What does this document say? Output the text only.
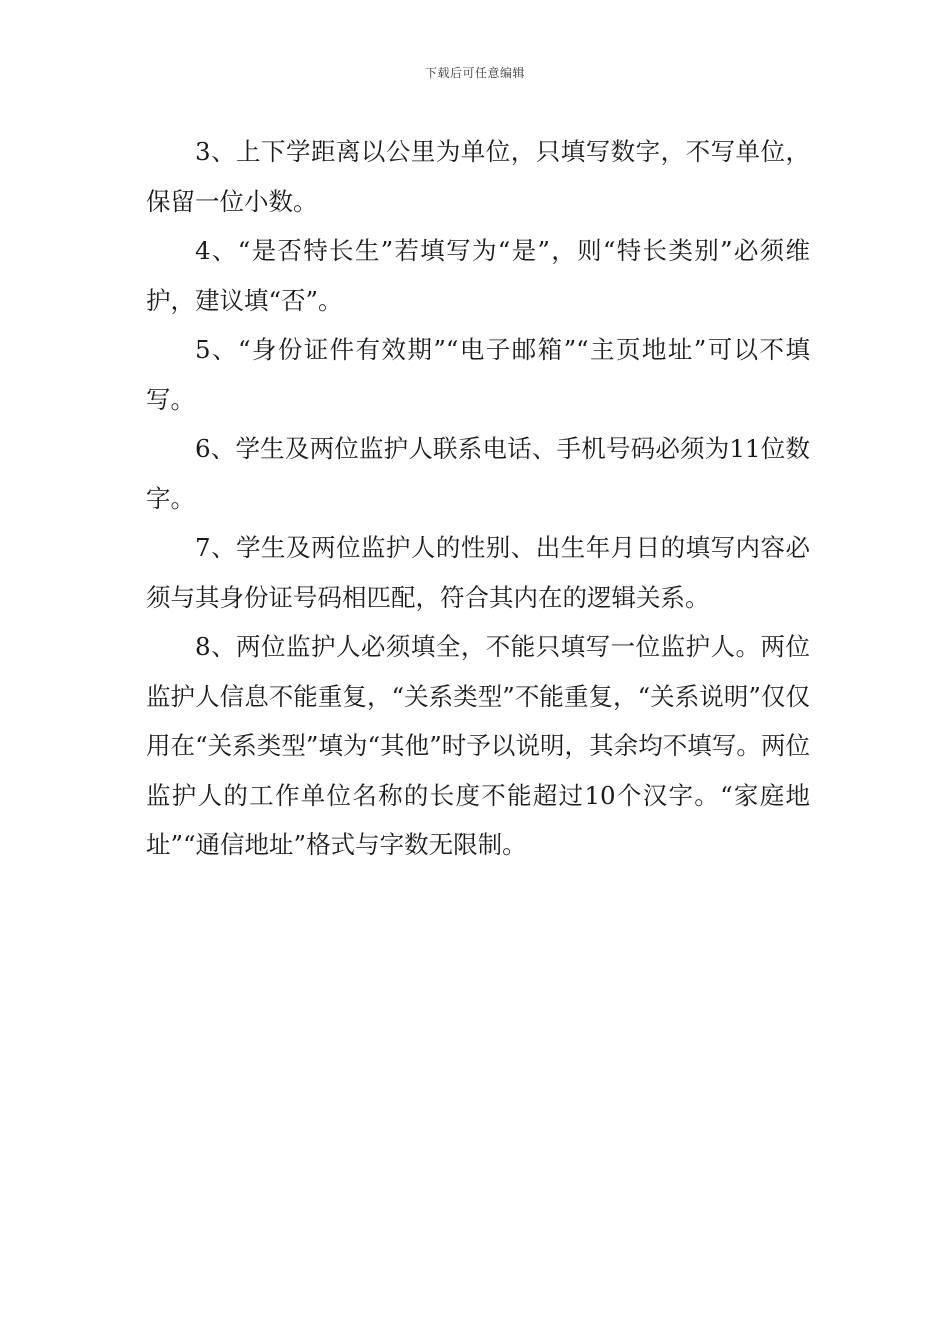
下载后可任意编辑

3、上下学距离以公里为单位，只填写数字，不写单位，保留一位小数。

4、“是否特长生”若填写为“是”，则“特长类别”必须维护，建议填“否”。

5、“身份证件有效期”“电子邮箱”“主页地址”可以不填写。

6、学生及两位监护人联系电话、手机号码必须为11位数字。

7、学生及两位监护人的性别、出生年月日的填写内容必须与其身份证号码相匹配，符合其内在的逻辑关系。

8、两位监护人必须填全，不能只填写一位监护人。两位监护人信息不能重复，“关系类型”不能重复，“关系说明”仅仅用在“关系类型”填为“其他”时予以说明，其余均不填写。两位监护人的工作单位名称的长度不能超过10个汉字。“家庭地址”“通信地址”格式与字数无限制。
